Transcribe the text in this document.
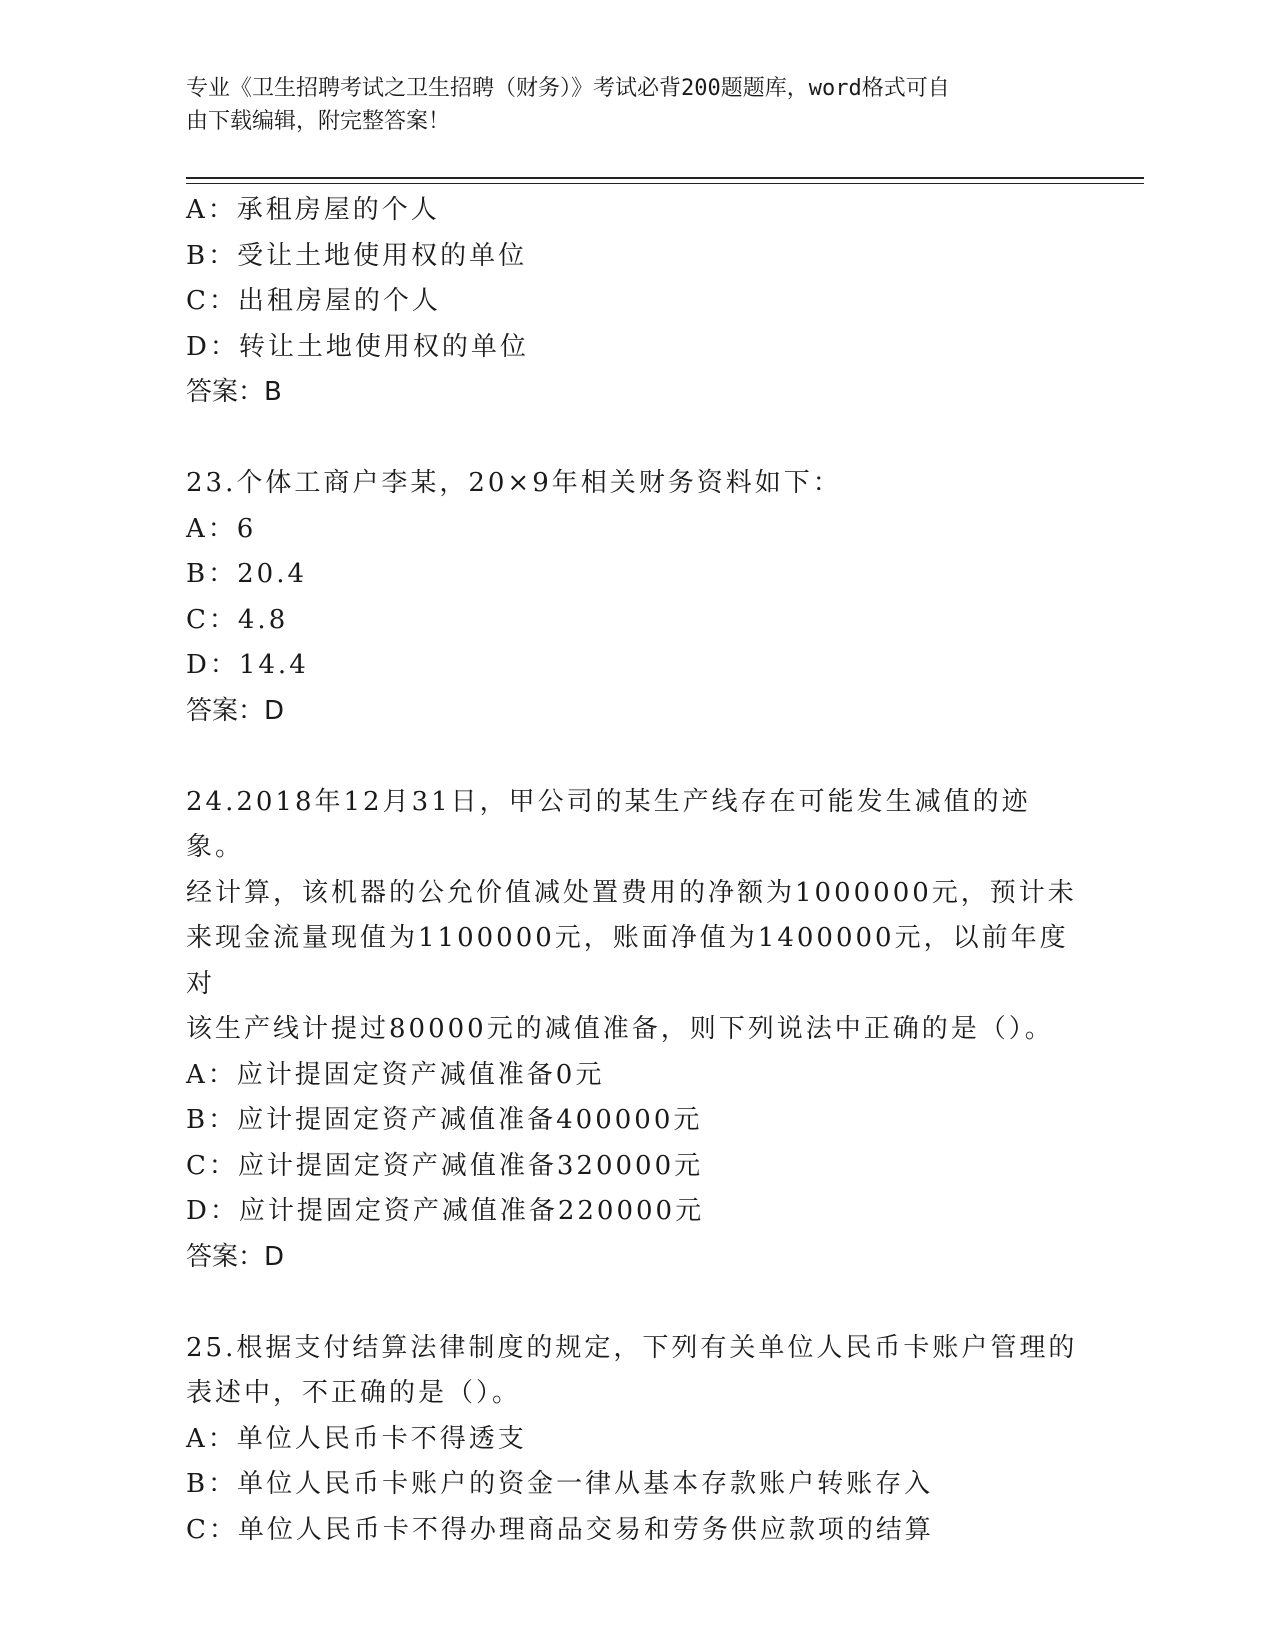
专业《卫生招聘考试之卫生招聘（财务）》考试必背200题题库，word格式可自
由下载编辑，附完整答案！
A：承租房屋的个人
B：受让土地使用权的单位
C：出租房屋的个人
D：转让土地使用权的单位
答案：B
23.个体工商户李某，20×9年相关财务资料如下：
A：6
B：20.4
C：4.8
D：14.4
答案：D
24.2018年12月31日，甲公司的某生产线存在可能发生减值的迹象。
经计算，该机器的公允价值减处置费用的净额为1000000元，预计未
来现金流量现值为1100000元，账面净值为1400000元，以前年度对
该生产线计提过80000元的减值准备，则下列说法中正确的是（）。
A：应计提固定资产减值准备0元
B：应计提固定资产减值准备400000元
C：应计提固定资产减值准备320000元
D：应计提固定资产减值准备220000元
答案：D
25.根据支付结算法律制度的规定，下列有关单位人民币卡账户管理的
表述中，不正确的是（）。
A：单位人民币卡不得透支
B：单位人民币卡账户的资金一律从基本存款账户转账存入
C：单位人民币卡不得办理商品交易和劳务供应款项的结算
